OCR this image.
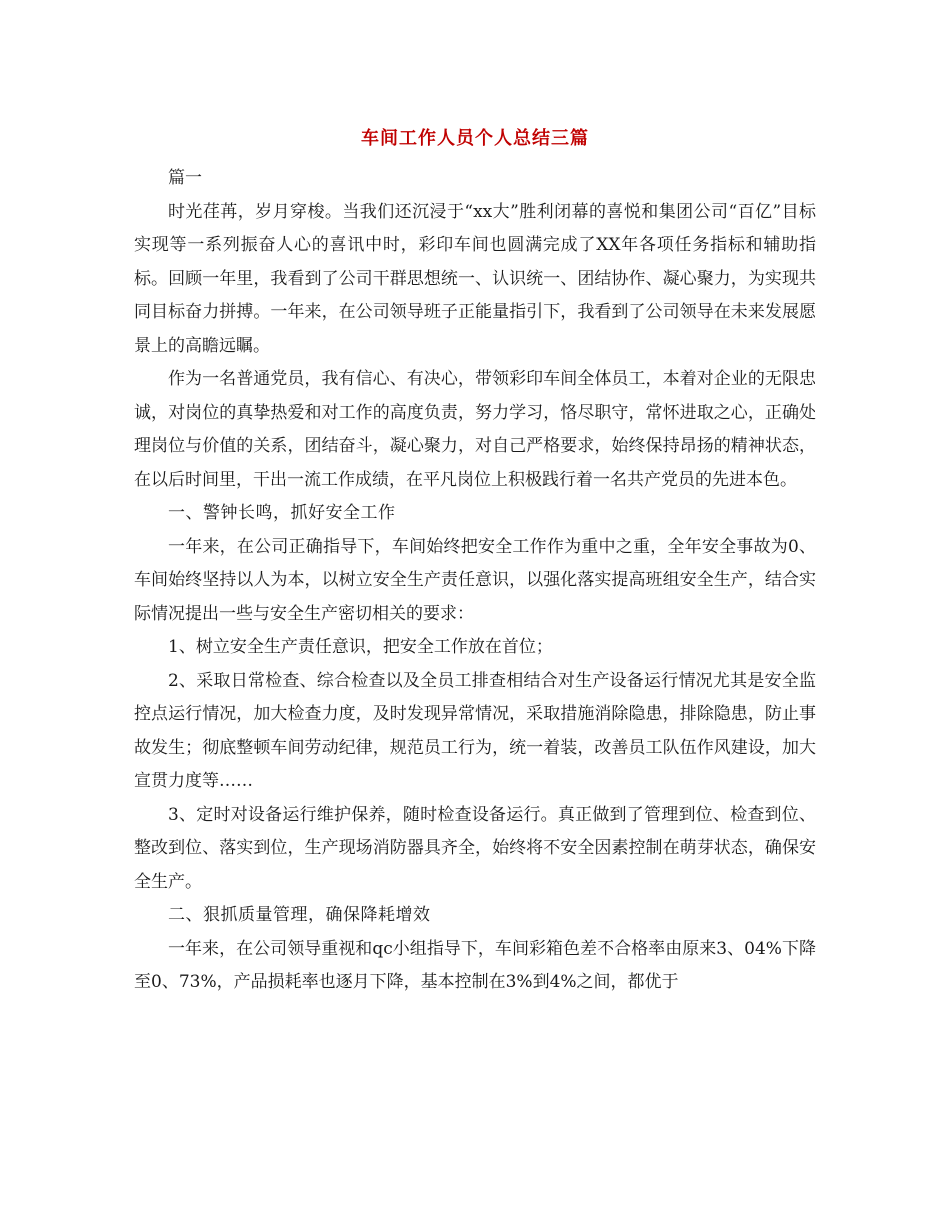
车间工作人员个人总结三篇

篇一

时光荏苒，岁月穿梭。当我们还沉浸于“xx大”胜利闭幕的喜悦和集团公司“百亿”目标实现等一系列振奋人心的喜讯中时，彩印车间也圆满完成了XX年各项任务指标和辅助指标。回顾一年里，我看到了公司干群思想统一、认识统一、团结协作、凝心聚力，为实现共同目标奋力拼搏。一年来，在公司领导班子正能量指引下，我看到了公司领导在未来发展愿景上的高瞻远瞩。

作为一名普通党员，我有信心、有决心，带领彩印车间全体员工，本着对企业的无限忠诚，对岗位的真挚热爱和对工作的高度负责，努力学习，恪尽职守，常怀进取之心，正确处理岗位与价值的关系，团结奋斗，凝心聚力，对自己严格要求，始终保持昂扬的精神状态，在以后时间里，干出一流工作成绩，在平凡岗位上积极践行着一名共产党员的先进本色。

一、警钟长鸣，抓好安全工作

一年来，在公司正确指导下，车间始终把安全工作作为重中之重，全年安全事故为0、车间始终坚持以人为本，以树立安全生产责任意识，以强化落实提高班组安全生产，结合实际情况提出一些与安全生产密切相关的要求：

1、树立安全生产责任意识，把安全工作放在首位；

2、采取日常检查、综合检查以及全员工排查相结合对生产设备运行情况尤其是安全监控点运行情况，加大检查力度，及时发现异常情况，采取措施消除隐患，排除隐患，防止事故发生；彻底整顿车间劳动纪律，规范员工行为，统一着装，改善员工队伍作风建设，加大宣贯力度等……

3、定时对设备运行维护保养，随时检查设备运行。真正做到了管理到位、检查到位、整改到位、落实到位，生产现场消防器具齐全，始终将不安全因素控制在萌芽状态，确保安全生产。

二、狠抓质量管理，确保降耗增效

一年来，在公司领导重视和qc小组指导下，车间彩箱色差不合格率由原来3、04%下降至0、73%，产品损耗率也逐月下降，基本控制在3%到4%之间，都优于
